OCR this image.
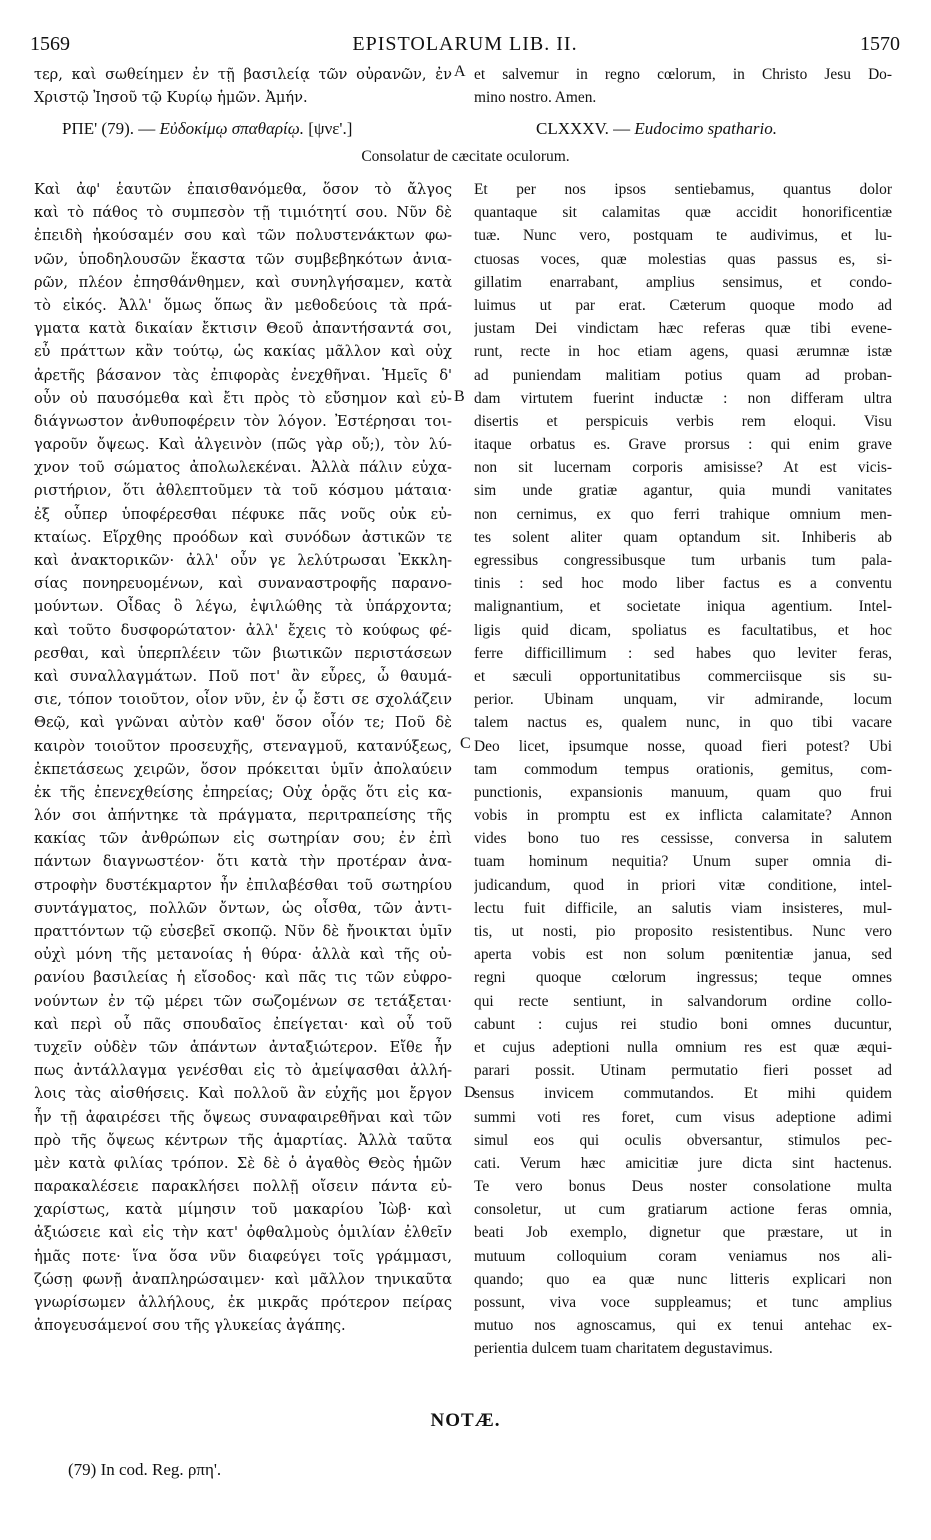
1569	EPISTOLARUM LIB. II.	1570
τερ, καὶ σωθείημεν ἐν τῇ βασιλείᾳ τῶν οὐρανῶν, ἐν
Χριστῷ Ἰησοῦ τῷ Κυρίῳ ἡμῶν. Ἀμήν.
et salvemur in regno cœlorum, in Christo Jesu Do-
mino nostro. Amen.
A
ΡΠΕ' (79). — Εὐδοκίμῳ σπαθαρίῳ. [ψνε'.]	CLXXXV. — Eudocimo spathario.
Consolatur de cæcitate oculorum.
Καὶ ἀφ' ἑαυτῶν ἐπαισθανόμεθα, ὅσον τὸ ἄλγος
καὶ τὸ πάθος τὸ συμπεσὸν τῇ τιμιότητί σου. Νῦν δὲ
ἐπειδὴ ἠκούσαμέν σου καὶ τῶν πολυστενάκτων φω-
νῶν, ὑποδηλουσῶν ἕκαστα τῶν συμβεβηκότων ἀνια-
ρῶν, πλέον ἐπησθάνθημεν, καὶ συνηλγήσαμεν, κατὰ
τὸ εἰκός. Ἀλλ' ὅμως ὅπως ἂν μεθοδεύοις τὰ πρά-
γματα κατὰ δικαίαν ἔκτισιν Θεοῦ ἀπαντήσαντά σοι,
εὖ πράττων κἂν τούτῳ, ὡς κακίας μᾶλλον καὶ οὐχ
ἀρετῆς βάσανον τὰς ἐπιφορὰς ἐνεχθῆναι. Ἡμεῖς δ'
οὖν οὐ παυσόμεθα καὶ ἔτι πρὸς τὸ εὔσημον καὶ εὐ-
διάγνωστον ἀνθυποφέρειν τὸν λόγον. Ἐστέρησαι τοι-
γαροῦν ὄψεως. Καὶ ἀλγεινὸν (πῶς γὰρ οὔ;), τὸν λύ-
χνον τοῦ σώματος ἀπολωλεκέναι. Ἀλλὰ πάλιν εὐχα-
ριστήριον, ὅτι ἀθλεπτοῦμεν τὰ τοῦ κόσμου μάταια·
ἐξ οὗπερ ὑποφέρεσθαι πέφυκε πᾶς νοῦς οὐκ εὐ-
κταίως. Εἴρχθης προόδων καὶ συνόδων ἀστικῶν τε
καὶ ἀνακτορικῶν· ἀλλ' οὖν γε λελύτρωσαι Ἐκκλη-
σίας πονηρευομένων, καὶ συναναστροφῆς παρανο-
μούντων. Οἶδας ὃ λέγω, ἐψιλώθης τὰ ὑπάρχοντα;
καὶ τοῦτο δυσφορώτατον· ἀλλ' ἔχεις τὸ κούφως φέ-
ρεσθαι, καὶ ὑπερπλέειν τῶν βιωτικῶν περιστάσεων
καὶ συναλλαγμάτων. Ποῦ ποτ' ἂν εὗρες, ὦ θαυμά-
σιε, τόπον τοιοῦτον, οἷον νῦν, ἐν ᾧ ἔστι σε σχολάζειν
Θεῷ, καὶ γνῶναι αὐτὸν καθ' ὅσον οἷόν τε; Ποῦ δὲ
καιρὸν τοιοῦτον προσευχῆς, στεναγμοῦ, κατανύξεως,
ἐκπετάσεως χειρῶν, ὅσον πρόκειται ὑμῖν ἀπολαύειν
ἐκ τῆς ἐπενεχθείσης ἐπηρείας; Οὐχ ὁρᾷς ὅτι εἰς κα-
λόν σοι ἀπήντηκε τὰ πράγματα, περιτραπείσης τῆς
κακίας τῶν ἀνθρώπων εἰς σωτηρίαν σου; ἐν ἐπὶ
πάντων διαγνωστέον· ὅτι κατὰ τὴν προτέραν ἀνα-
στροφὴν δυστέκμαρτον ἦν ἐπιλαβέσθαι τοῦ σωτηρίου
συντάγματος, πολλῶν ὄντων, ὡς οἶσθα, τῶν ἀντι-
πραττόντων τῷ εὐσεβεῖ σκοπῷ. Νῦν δὲ ἤνοικται ὑμῖν
οὐχὶ μόνη τῆς μετανοίας ἡ θύρα· ἀλλὰ καὶ τῆς οὐ-
ρανίου βασιλείας ἡ εἴσοδος· καὶ πᾶς τις τῶν εὐφρο-
νούντων ἐν τῷ μέρει τῶν σωζομένων σε τετάξεται·
καὶ περὶ οὗ πᾶς σπουδαῖος ἐπείγεται· καὶ οὗ τοῦ
τυχεῖν οὐδὲν τῶν ἁπάντων ἀνταξιώτερον. Εἴθε ἦν
πως ἀντάλλαγμα γενέσθαι εἰς τὸ ἀμείψασθαι ἀλλή-
λοις τὰς αἰσθήσεις. Καὶ πολλοῦ ἂν εὐχῆς μοι ἔργον
ἦν τῇ ἀφαιρέσει τῆς ὄψεως συναφαιρεθῆναι καὶ τῶν
πρὸ τῆς ὄψεως κέντρων τῆς ἁμαρτίας. Ἀλλὰ ταῦτα
μὲν κατὰ φιλίας τρόπον. Σὲ δὲ ὁ ἀγαθὸς Θεὸς ἡμῶν
παρακαλέσειε παρακλήσει πολλῇ οἴσειν πάντα εὐ-
χαρίστως, κατὰ μίμησιν τοῦ μακαρίου Ἰὼβ· καὶ
ἀξιώσειε καὶ εἰς τὴν κατ' ὀφθαλμοὺς ὁμιλίαν ἐλθεῖν
ἡμᾶς ποτε· ἵνα ὅσα νῦν διαφεύγει τοῖς γράμμασι,
ζώσῃ φωνῇ ἀναπληρώσαιμεν· καὶ μᾶλλον τηνικαῦτα
γνωρίσωμεν ἀλλήλους, ἐκ μικρᾶς πρότερον πείρας
ἀπογευσάμενοί σου τῆς γλυκείας ἀγάπης.
Et per nos ipsos sentiebamus, quantus dolor
quantaque sit calamitas quæ accidit honorificentiæ
tuæ. Nunc vero, postquam te audivimus, et lu-
ctuosas voces, quæ molestias quas passus es, si-
gillatim enarrabant, amplius sensimus, et condo-
luimus ut par erat. Cæterum quoque modo ad
justam Dei vindictam hæc referas quæ tibi evene-
runt, recte in hoc etiam agens, quasi ærumnæ istæ
ad puniendam malitiam potius quam ad proban-
dam virtutem fuerint inductæ : non differam ultra
disertis et perspicuis verbis rem eloqui. Visu
itaque orbatus es. Grave prorsus : qui enim grave
non sit lucernam corporis amisisse? At est vicis-
sim unde gratiæ agantur, quia mundi vanitates
non cernimus, ex quo ferri trahique omnium men-
tes solent aliter quam optandum sit. Inhiberis ab
egressibus congressibusque tum urbanis tum pala-
tinis : sed hoc modo liber factus es a conventu
malignantium, et societate iniqua agentium. Intel-
ligis quid dicam, spoliatus es facultatibus, et hoc
ferre difficillimum : sed habes quo leviter feras,
et sæculi opportunitatibus commerciisque sis su-
perior. Ubinam unquam, vir admirande, locum
talem nactus es, qualem nunc, in quo tibi vacare
Deo licet, ipsumque nosse, quoad fieri potest? Ubi
tam commodum tempus orationis, gemitus, com-
punctionis, expansionis manuum, quam quo frui
vobis in promptu est ex inflicta calamitate? Annon
vides bono tuo res cessisse, conversa in salutem
tuam hominum nequitia? Unum super omnia di-
judicandum, quod in priori vitæ conditione, intel-
lectu fuit difficile, an salutis viam insisteres, mul-
tis, ut nosti, pio proposito resistentibus. Nunc vero
aperta vobis est non solum pœnitentiæ janua, sed
regni quoque cœlorum ingressus; teque omnes
qui recte sentiunt, in salvandorum ordine collo-
cabunt : cujus rei studio boni omnes ducuntur,
et cujus adeptioni nulla omnium res est quæ æqui-
parari possit. Utinam permutatio fieri posset ad
sensus invicem commutandos. Et mihi quidem
summi voti res foret, cum visus adeptione adimi
simul eos qui oculis obversantur, stimulos pec-
cati. Verum hæc amicitiæ jure dicta sint hactenus.
Te vero bonus Deus noster consolatione multa
consoletur, ut cum gratiarum actione feras omnia,
beati Job exemplo, dignetur que præstare, ut in
mutuum colloquium coram veniamus nos ali-
quando; quo ea quæ nunc litteris explicari non
possunt, viva voce suppleamus; et tunc amplius
mutuo nos agnoscamus, qui ex tenui antehac ex-
perientia dulcem tuam charitatem degustavimus.
B
C
D
NOTÆ.
(79) In cod. Reg. ρπη'.
